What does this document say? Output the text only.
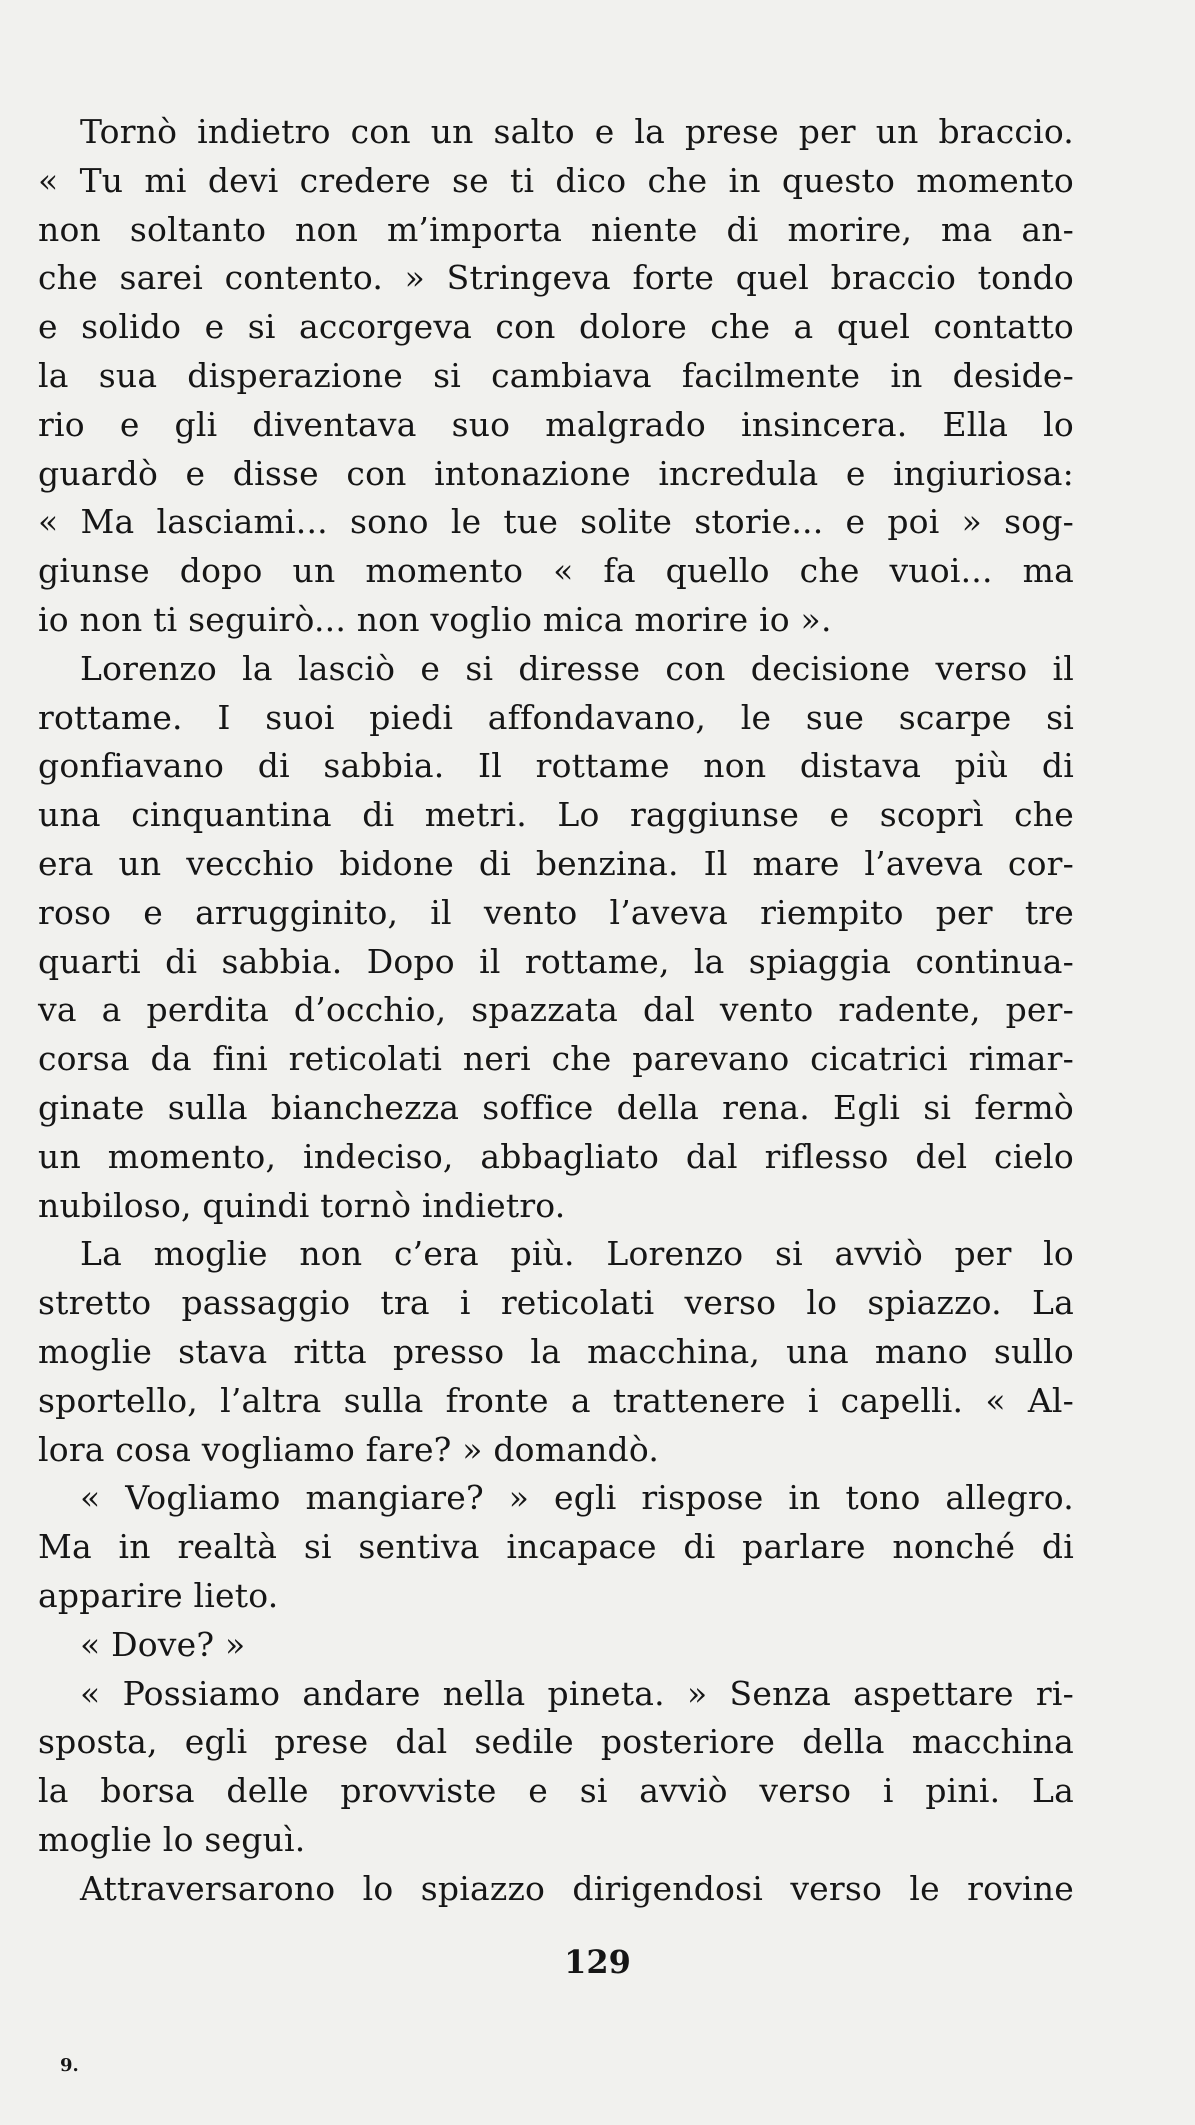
Tornò indietro con un salto e la prese per un braccio.
« Tu mi devi credere se ti dico che in questo momento
non soltanto non m’importa niente di morire, ma an-
che sarei contento. » Stringeva forte quel braccio tondo
e solido e si accorgeva con dolore che a quel contatto
la sua disperazione si cambiava facilmente in deside-
rio e gli diventava suo malgrado insincera. Ella lo
guardò e disse con intonazione incredula e ingiuriosa:
« Ma lasciami... sono le tue solite storie... e poi » sog-
giunse dopo un momento « fa quello che vuoi... ma
io non ti seguirò... non voglio mica morire io ».
Lorenzo la lasciò e si diresse con decisione verso il
rottame. I suoi piedi affondavano, le sue scarpe si
gonfiavano di sabbia. Il rottame non distava più di
una cinquantina di metri. Lo raggiunse e scoprì che
era un vecchio bidone di benzina. Il mare l’aveva cor-
roso e arrugginito, il vento l’aveva riempito per tre
quarti di sabbia. Dopo il rottame, la spiaggia continua-
va a perdita d’occhio, spazzata dal vento radente, per-
corsa da fini reticolati neri che parevano cicatrici rimar-
ginate sulla bianchezza soffice della rena. Egli si fermò
un momento, indeciso, abbagliato dal riflesso del cielo
nubiloso, quindi tornò indietro.
La moglie non c’era più. Lorenzo si avviò per lo
stretto passaggio tra i reticolati verso lo spiazzo. La
moglie stava ritta presso la macchina, una mano sullo
sportello, l’altra sulla fronte a trattenere i capelli. « Al-
lora cosa vogliamo fare? » domandò.
« Vogliamo mangiare? » egli rispose in tono allegro.
Ma in realtà si sentiva incapace di parlare nonché di
apparire lieto.
« Dove? »
« Possiamo andare nella pineta. » Senza aspettare ri-
sposta, egli prese dal sedile posteriore della macchina
la borsa delle provviste e si avviò verso i pini. La
moglie lo seguì.
Attraversarono lo spiazzo dirigendosi verso le rovine
129
9.
